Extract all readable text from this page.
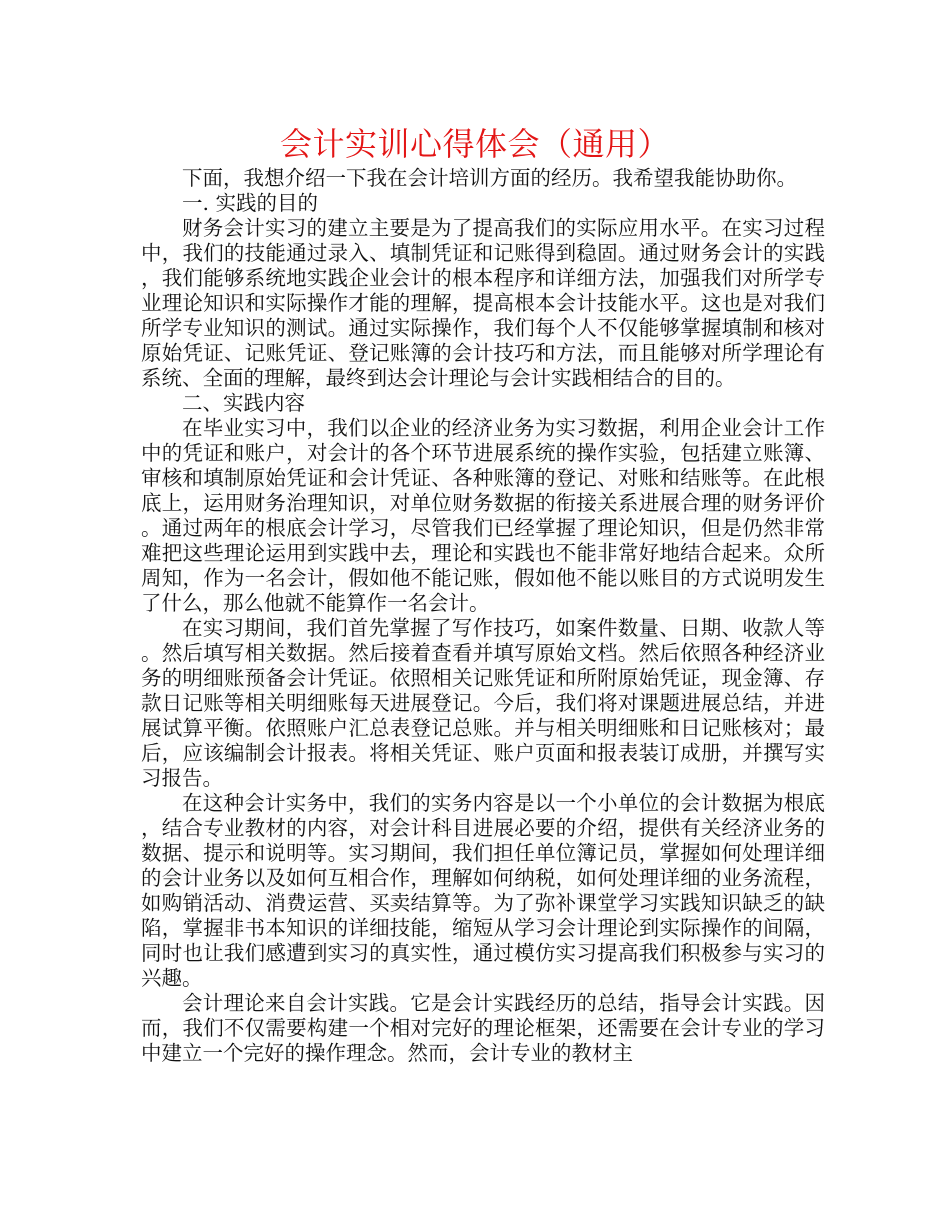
会计实训心得体会（通用）

下面，我想介绍一下我在会计培训方面的经历。我希望我能协助你。

一. 实践的目的

财务会计实习的建立主要是为了提高我们的实际应用水平。在实习过程中，我们的技能通过录入、填制凭证和记账得到稳固。通过财务会计的实践，我们能够系统地实践企业会计的根本程序和详细方法，加强我们对所学专业理论知识和实际操作才能的理解，提高根本会计技能水平。这也是对我们所学专业知识的测试。通过实际操作，我们每个人不仅能够掌握填制和核对原始凭证、记账凭证、登记账簿的会计技巧和方法，而且能够对所学理论有系统、全面的理解，最终到达会计理论与会计实践相结合的目的。

二、实践内容

在毕业实习中，我们以企业的经济业务为实习数据，利用企业会计工作中的凭证和账户，对会计的各个环节进展系统的操作实验，包括建立账簿、审核和填制原始凭证和会计凭证、各种账簿的登记、对账和结账等。在此根底上，运用财务治理知识，对单位财务数据的衔接关系进展合理的财务评价。通过两年的根底会计学习，尽管我们已经掌握了理论知识，但是仍然非常难把这些理论运用到实践中去，理论和实践也不能非常好地结合起来。众所周知，作为一名会计，假如他不能记账，假如他不能以账目的方式说明发生了什么，那么他就不能算作一名会计。

在实习期间，我们首先掌握了写作技巧，如案件数量、日期、收款人等。然后填写相关数据。然后接着查看并填写原始文档。然后依照各种经济业务的明细账预备会计凭证。依照相关记账凭证和所附原始凭证，现金簿、存款日记账等相关明细账每天进展登记。今后，我们将对课题进展总结，并进展试算平衡。依照账户汇总表登记总账。并与相关明细账和日记账核对；最后，应该编制会计报表。将相关凭证、账户页面和报表装订成册，并撰写实习报告。

在这种会计实务中，我们的实务内容是以一个小单位的会计数据为根底，结合专业教材的内容，对会计科目进展必要的介绍，提供有关经济业务的数据、提示和说明等。实习期间，我们担任单位簿记员，掌握如何处理详细的会计业务以及如何互相合作，理解如何纳税，如何处理详细的业务流程，如购销活动、消费运营、买卖结算等。为了弥补课堂学习实践知识缺乏的缺陷，掌握非书本知识的详细技能，缩短从学习会计理论到实际操作的间隔，同时也让我们感遭到实习的真实性，通过模仿实习提高我们积极参与实习的兴趣。

会计理论来自会计实践。它是会计实践经历的总结，指导会计实践。因而，我们不仅需要构建一个相对完好的理论框架，还需要在会计专业的学习中建立一个完好的操作理念。然而，会计专业的教材主
